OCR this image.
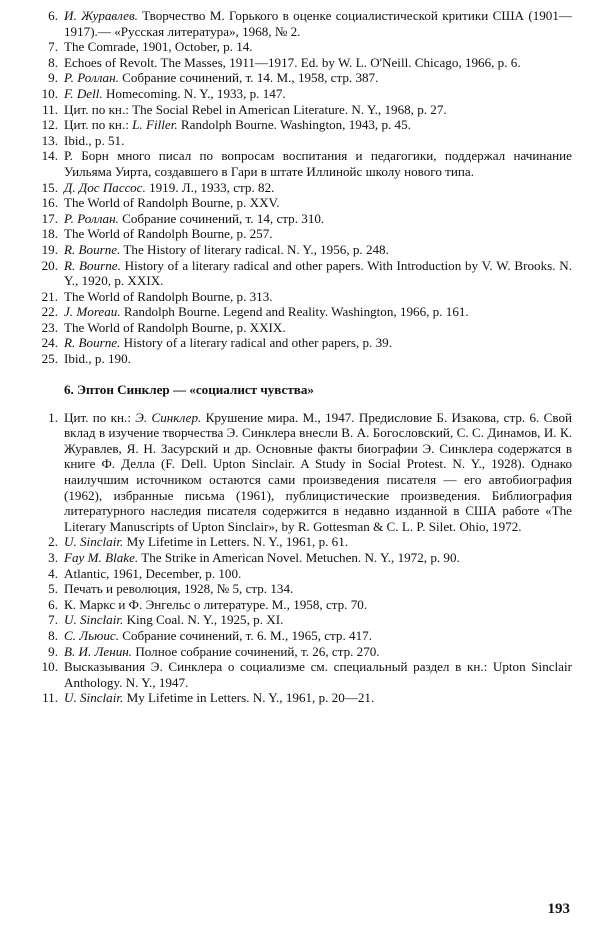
6 . И. Журавлев. Творчество М. Горького в оценке социалистической критики США (1901—1917).— «Русская литература», 1968, № 2.
7 . The Comrade, 1901, October, p. 14.
8 . Echoes of Revolt. The Masses, 1911—1917. Ed. by W. L. O'Neill. Chicago, 1966, p. 6.
9 . Р. Роллан. Собрание сочинений, т. 14. М., 1958, стр. 387.
10 . F. Dell. Homecoming. N. Y., 1933, p. 147.
11 . Цит. по кн.: The Social Rebel in American Literature. N. Y., 1968, p. 27.
12 . Цит. по кн.: L. Filler. Randolph Bourne. Washington, 1943, p. 45.
13 . Ibid., p. 51.
14 . Р. Борн много писал по вопросам воспитания и педагогики, поддержал начинание Уильяма Уирта, создавшего в Гари в штате Иллинойс школу нового типа.
15 . Д. Дос Пассос. 1919. Л., 1933, стр. 82.
16 . The World of Randolph Bourne, p. XXV.
17 . Р. Роллан. Собрание сочинений, т. 14, стр. 310.
18 . The World of Randolph Bourne, p. 257.
19 . R. Bourne. The History of literary radical. N. Y., 1956, p. 248.
20 . R. Bourne. History of a literary radical and other papers. With Introduction by V. W. Brooks. N. Y., 1920, p. XXIX.
21 . The World of Randolph Bourne, p. 313.
22 . J. Moreau. Randolph Bourne. Legend and Reality. Washington, 1966, p. 161.
23 . The World of Randolph Bourne, p. XXIX.
24 . R. Bourne. History of a literary radical and other papers, p. 39.
25 . Ibid., p. 190.
6. Эптон Синклер — «социалист чувства»
1 . Цит. по кн.: Э. Синклер. Крушение мира. М., 1947. Предисловие Б. Изакова, стр. 6. Свой вклад в изучение творчества Э. Синклера внесли В. А. Богословский, С. С. Динамов, И. К. Журавлев, Я. Н. Засурский и др. Основные факты биографии Э. Синклера содержатся в книге Ф. Делла (F. Dell. Upton Sinclair. A Study in Social Protest. N. Y., 1928). Однако наилучшим источником остаются сами произведения писателя — его автобиография (1962), избранные письма (1961), публицистические произведения. Библиография литературного наследия писателя содержится в недавно изданной в США работе «The Literary Manuscripts of Upton Sinclair», by R. Gottesman & C. L. P. Silet. Ohio, 1972.
2 . U. Sinclair. My Lifetime in Letters. N. Y., 1961, p. 61.
3 . Fay M. Blake. The Strike in American Novel. Metuchen. N. Y., 1972, p. 90.
4 . Atlantic, 1961, December, p. 100.
5 . Печать и революция, 1928, № 5, стр. 134.
6 . К. Маркс и Ф. Энгельс о литературе. М., 1958, стр. 70.
7 . U. Sinclair. King Coal. N. Y., 1925, p. XI.
8 . С. Льюис. Собрание сочинений, т. 6. М., 1965, стр. 417.
9 . В. И. Ленин. Полное собрание сочинений, т. 26, стр. 270.
10 . Высказывания Э. Синклера о социализме см. специальный раздел в кн.: Upton Sinclair Anthology. N. Y., 1947.
11 . U. Sinclair. My Lifetime in Letters. N. Y., 1961, p. 20—21.
193
